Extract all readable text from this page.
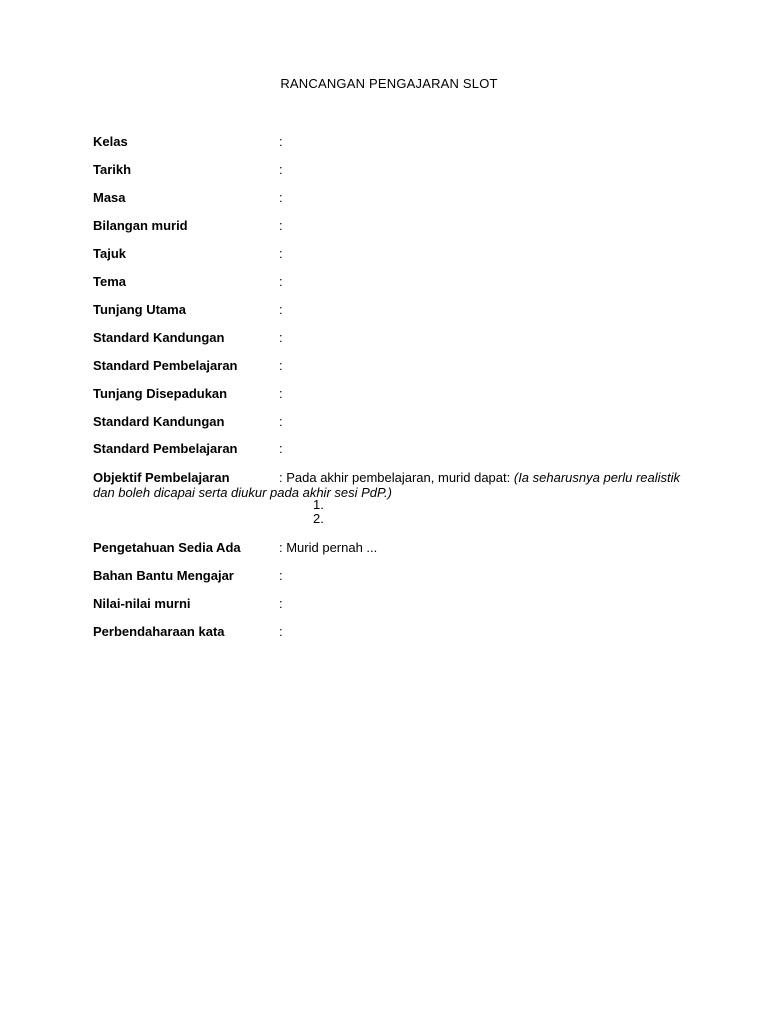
RANCANGAN PENGAJARAN SLOT
Kelas	:
Tarikh	:
Masa	:
Bilangan murid	:
Tajuk	:
Tema	:
Tunjang Utama	:
Standard Kandungan	:
Standard Pembelajaran	:
Tunjang Disepadukan	:
Standard Kandungan	:
Standard Pembelajaran	:
Objektif Pembelajaran	: Pada akhir pembelajaran, murid dapat: (Ia seharusnya perlu realistik
dan boleh dicapai serta diukur pada akhir sesi PdP.)
1.
2.
Pengetahuan Sedia Ada	: Murid pernah ...
Bahan Bantu Mengajar	:
Nilai-nilai murni	:
Perbendaharaan kata	:
